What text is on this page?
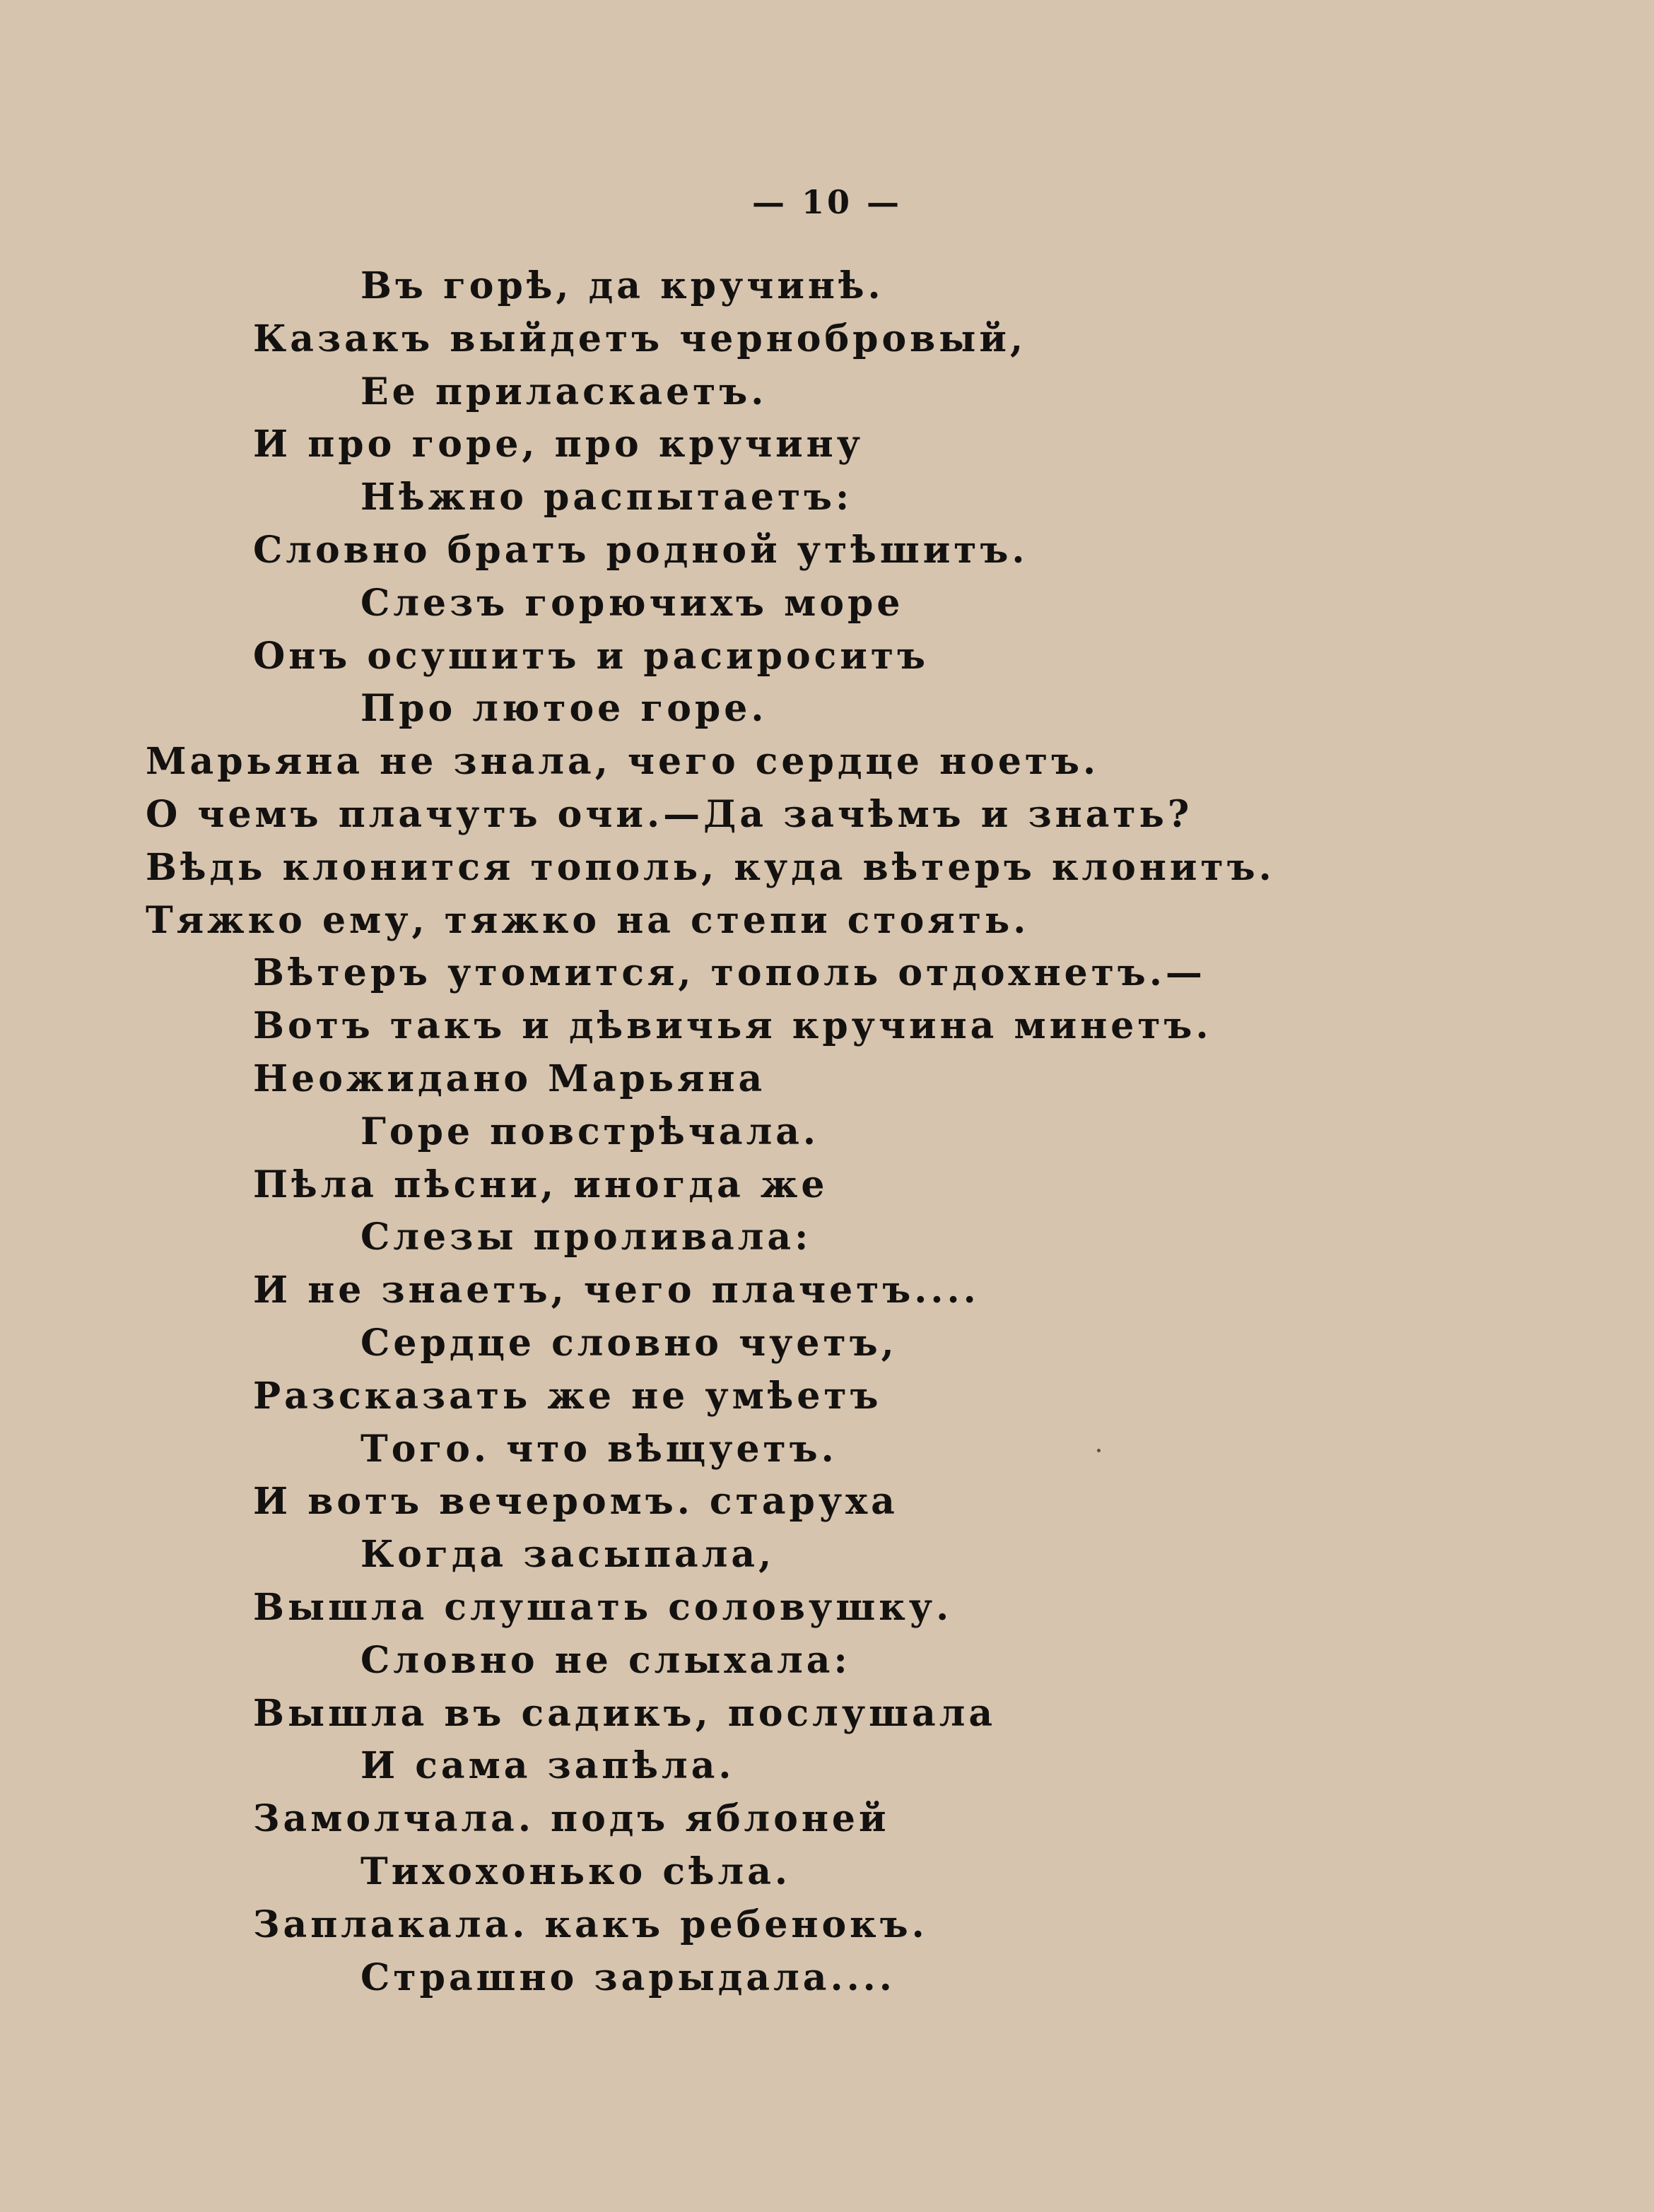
— 10 —
Въ горѣ, да кручинѣ.
Казакъ выйдетъ чернобровый,
Ее приласкаетъ.
И про горе, про кручину
Нѣжно распытаетъ:
Словно братъ родной утѣшитъ.
Слезъ горючихъ море
Онъ осушитъ и расироситъ
Про лютое горе.
Марьяна не знала, чего сердце ноетъ.
О чемъ плачутъ очи.—Да зачѣмъ и знать?
Вѣдь клонится тополь, куда вѣтеръ клонитъ.
Тяжко ему, тяжко на степи стоять.
Вѣтеръ утомится, тополь отдохнетъ.—
Вотъ такъ и дѣвичья кручина минетъ.
Неожидано Марьяна
Горе повстрѣчала.
Пѣла пѣсни, иногда же
Слезы проливала:
И не знаетъ, чего плачетъ....
Сердце словно чуетъ,
Разсказать же не умѣетъ
Того. что вѣщуетъ.
И вотъ вечеромъ. старуха
Когда засыпала,
Вышла слушать соловушку.
Словно не слыхала:
Вышла въ садикъ, послушала
И сама запѣла.
Замолчала. подъ яблоней
Тихохонько сѣла.
Заплакала. какъ ребенокъ.
Страшно зарыдала....
